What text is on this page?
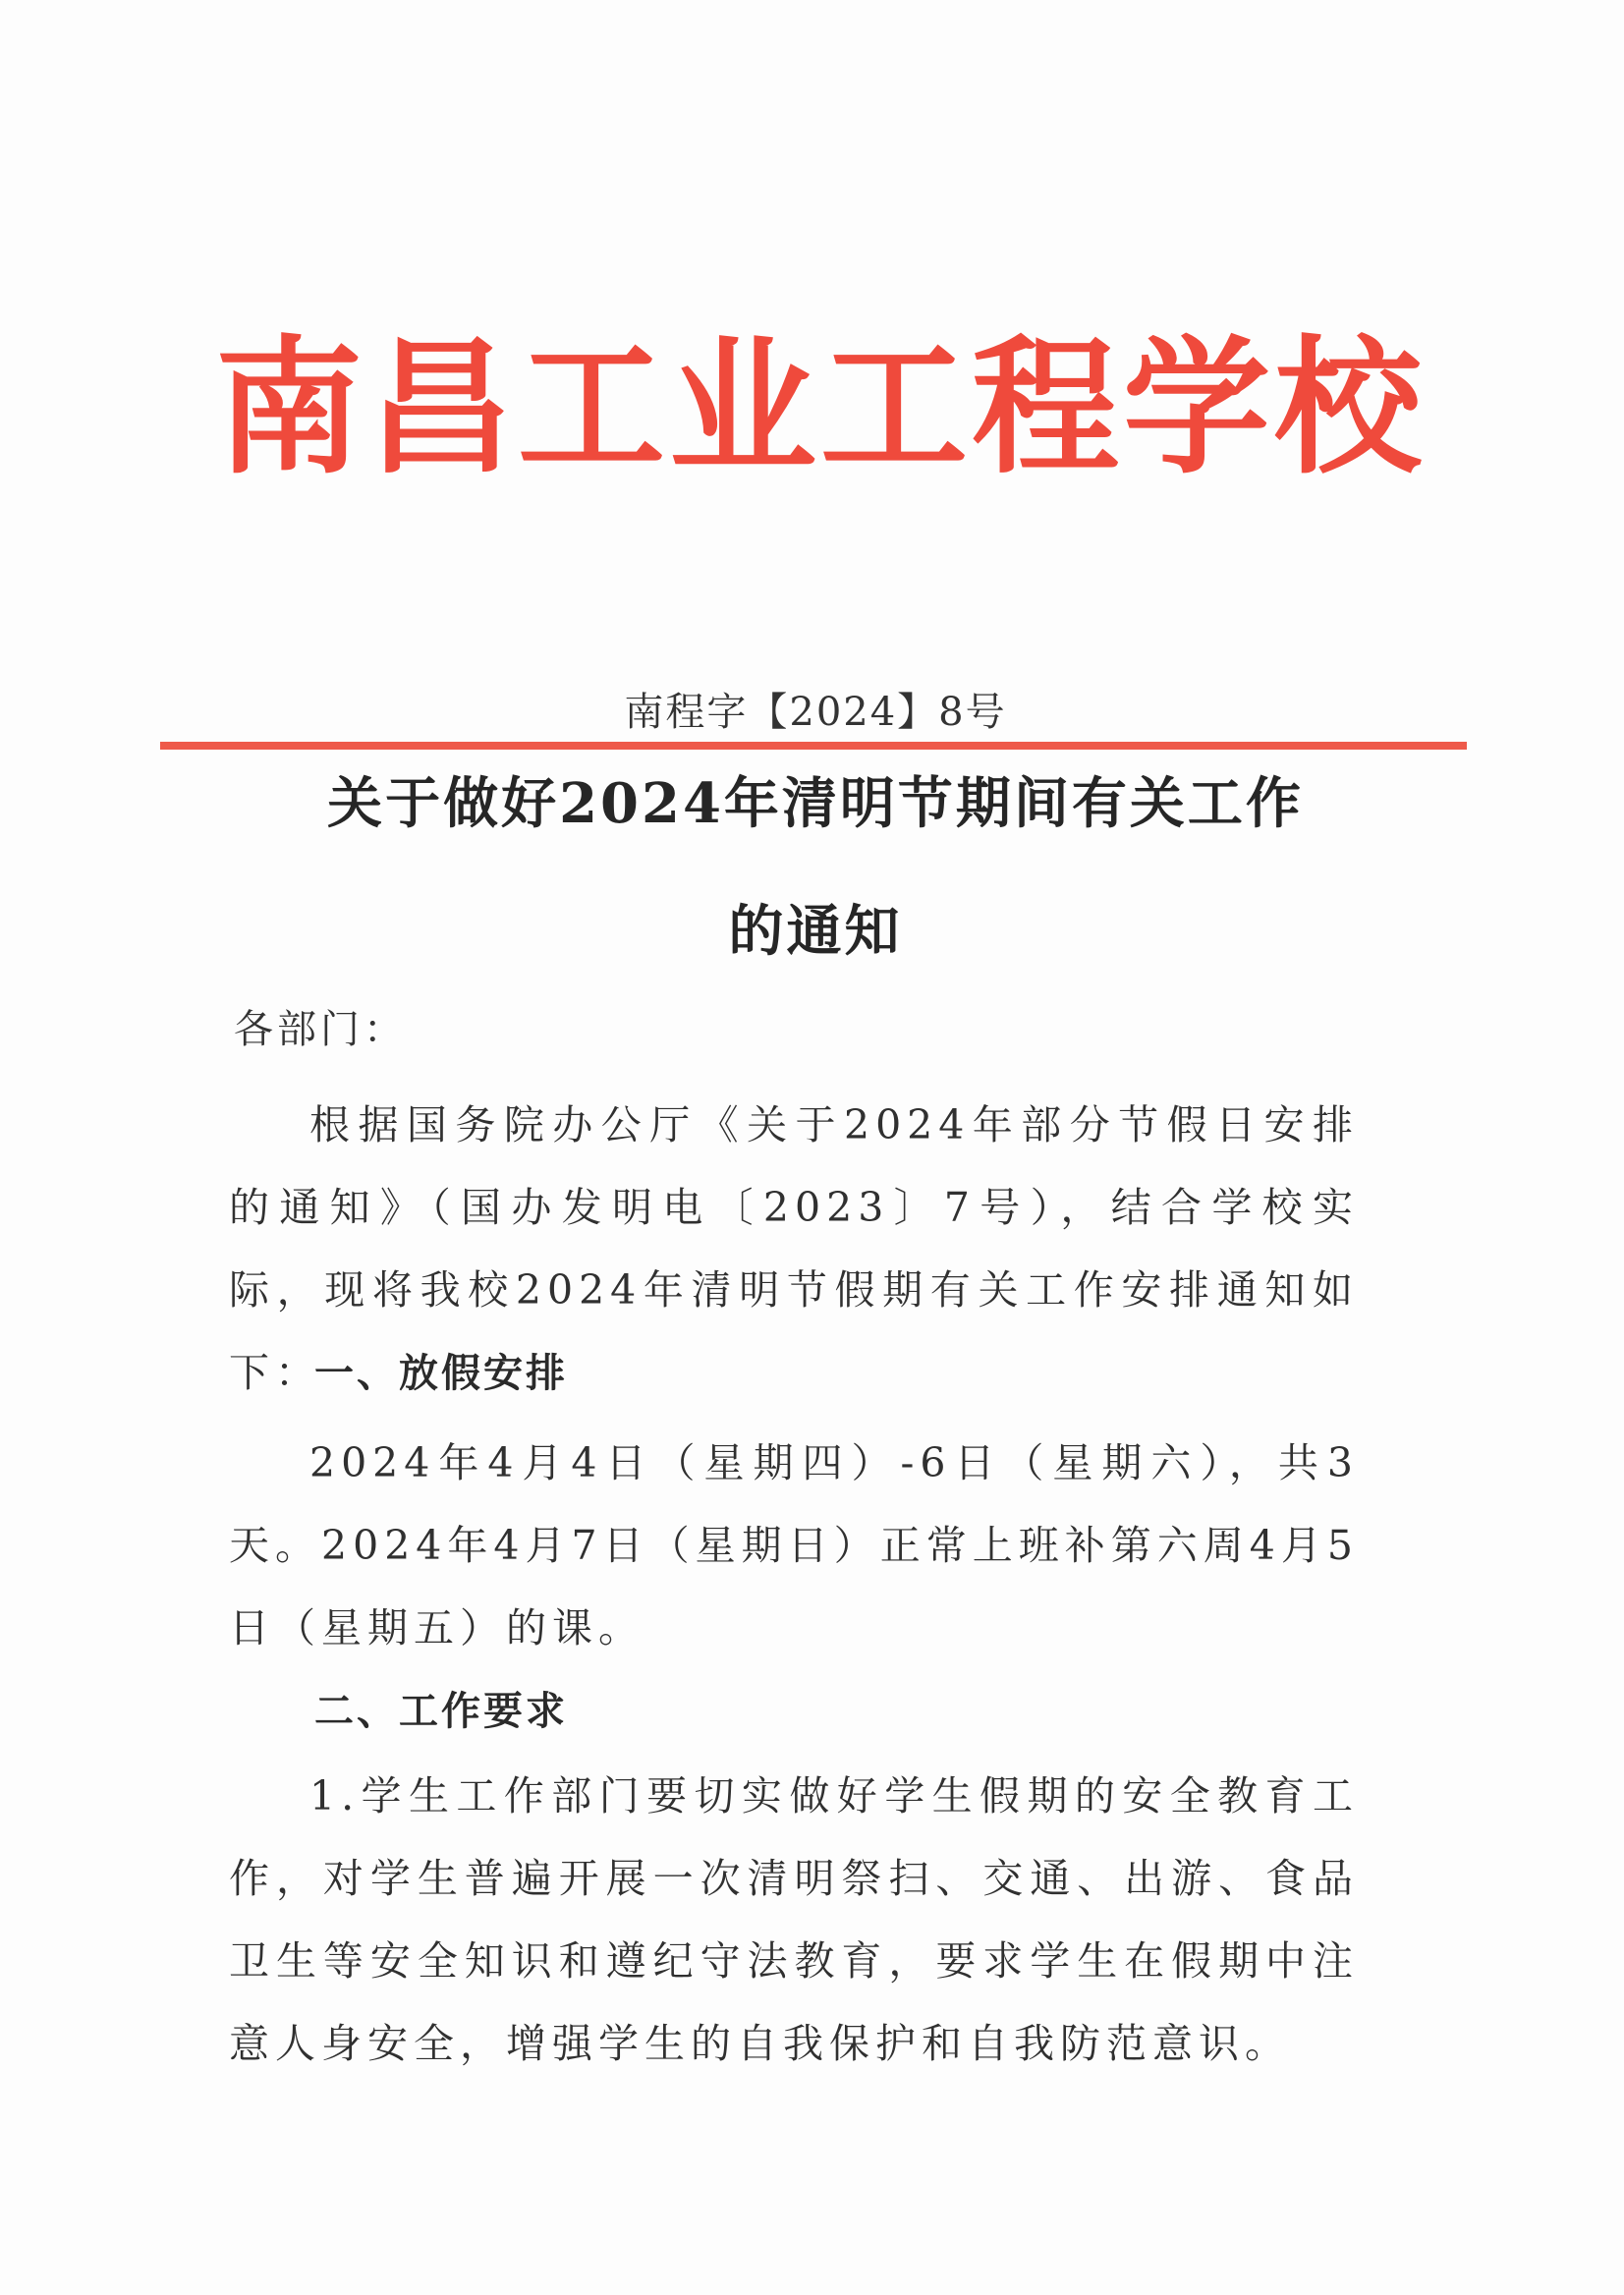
南昌工业工程学校
南程字【2024】8号
关于做好2024年清明节期间有关工作
的通知
各部门：
根据国务院办公厅《关于2024年部分节假日安排的通知》（国办发明电〔2023〕7号），结合学校实际，现将我校2024年清明节假期有关工作安排通知如下：
一、放假安排
2024年4月4日（星期四）-6日（星期六），共3天。2024年4月7日（星期日）正常上班补第六周4月5日（星期五）的课。
二、工作要求
1.学生工作部门要切实做好学生假期的安全教育工作，对学生普遍开展一次清明祭扫、交通、出游、食品卫生等安全知识和遵纪守法教育，要求学生在假期中注意人身安全，增强学生的自我保护和自我防范意识。
